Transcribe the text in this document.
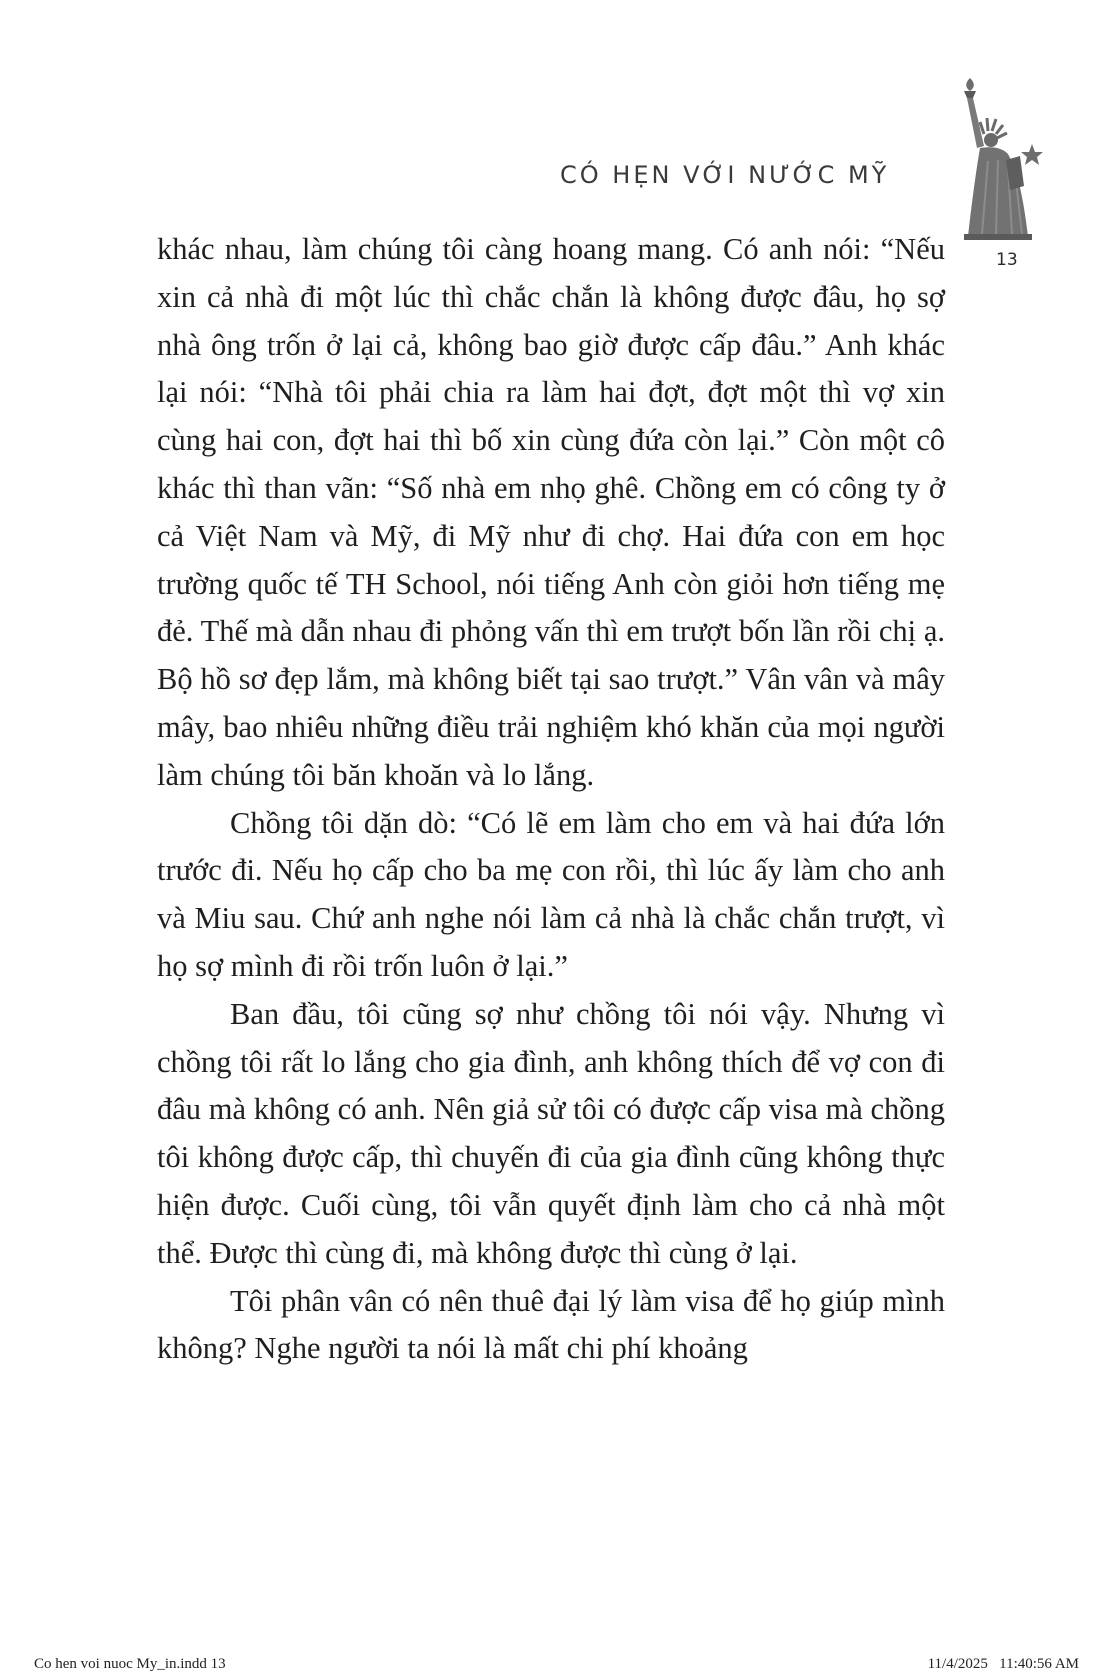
CÓ HẸN VỚI NƯỚC MỸ
13

khác nhau, làm chúng tôi càng hoang mang. Có anh nói: “Nếu xin cả nhà đi một lúc thì chắc chắn là không được đâu, họ sợ nhà ông trốn ở lại cả, không bao giờ được cấp đâu.” Anh khác lại nói: “Nhà tôi phải chia ra làm hai đợt, đợt một thì vợ xin cùng hai con, đợt hai thì bố xin cùng đứa còn lại.” Còn một cô khác thì than vãn: “Số nhà em nhọ ghê. Chồng em có công ty ở cả Việt Nam và Mỹ, đi Mỹ như đi chợ. Hai đứa con em học trường quốc tế TH School, nói tiếng Anh còn giỏi hơn tiếng mẹ đẻ. Thế mà dẫn nhau đi phỏng vấn thì em trượt bốn lần rồi chị ạ. Bộ hồ sơ đẹp lắm, mà không biết tại sao trượt.” Vân vân và mây mây, bao nhiêu những điều trải nghiệm khó khăn của mọi người làm chúng tôi băn khoăn và lo lắng.

Chồng tôi dặn dò: “Có lẽ em làm cho em và hai đứa lớn trước đi. Nếu họ cấp cho ba mẹ con rồi, thì lúc ấy làm cho anh và Miu sau. Chứ anh nghe nói làm cả nhà là chắc chắn trượt, vì họ sợ mình đi rồi trốn luôn ở lại.”

Ban đầu, tôi cũng sợ như chồng tôi nói vậy. Nhưng vì chồng tôi rất lo lắng cho gia đình, anh không thích để vợ con đi đâu mà không có anh. Nên giả sử tôi có được cấp visa mà chồng tôi không được cấp, thì chuyến đi của gia đình cũng không thực hiện được. Cuối cùng, tôi vẫn quyết định làm cho cả nhà một thể. Được thì cùng đi, mà không được thì cùng ở lại.

Tôi phân vân có nên thuê đại lý làm visa để họ giúp mình không? Nghe người ta nói là mất chi phí khoảng

Co hen voi nuoc My_in.indd 13	11/4/2025   11:40:56 AM
